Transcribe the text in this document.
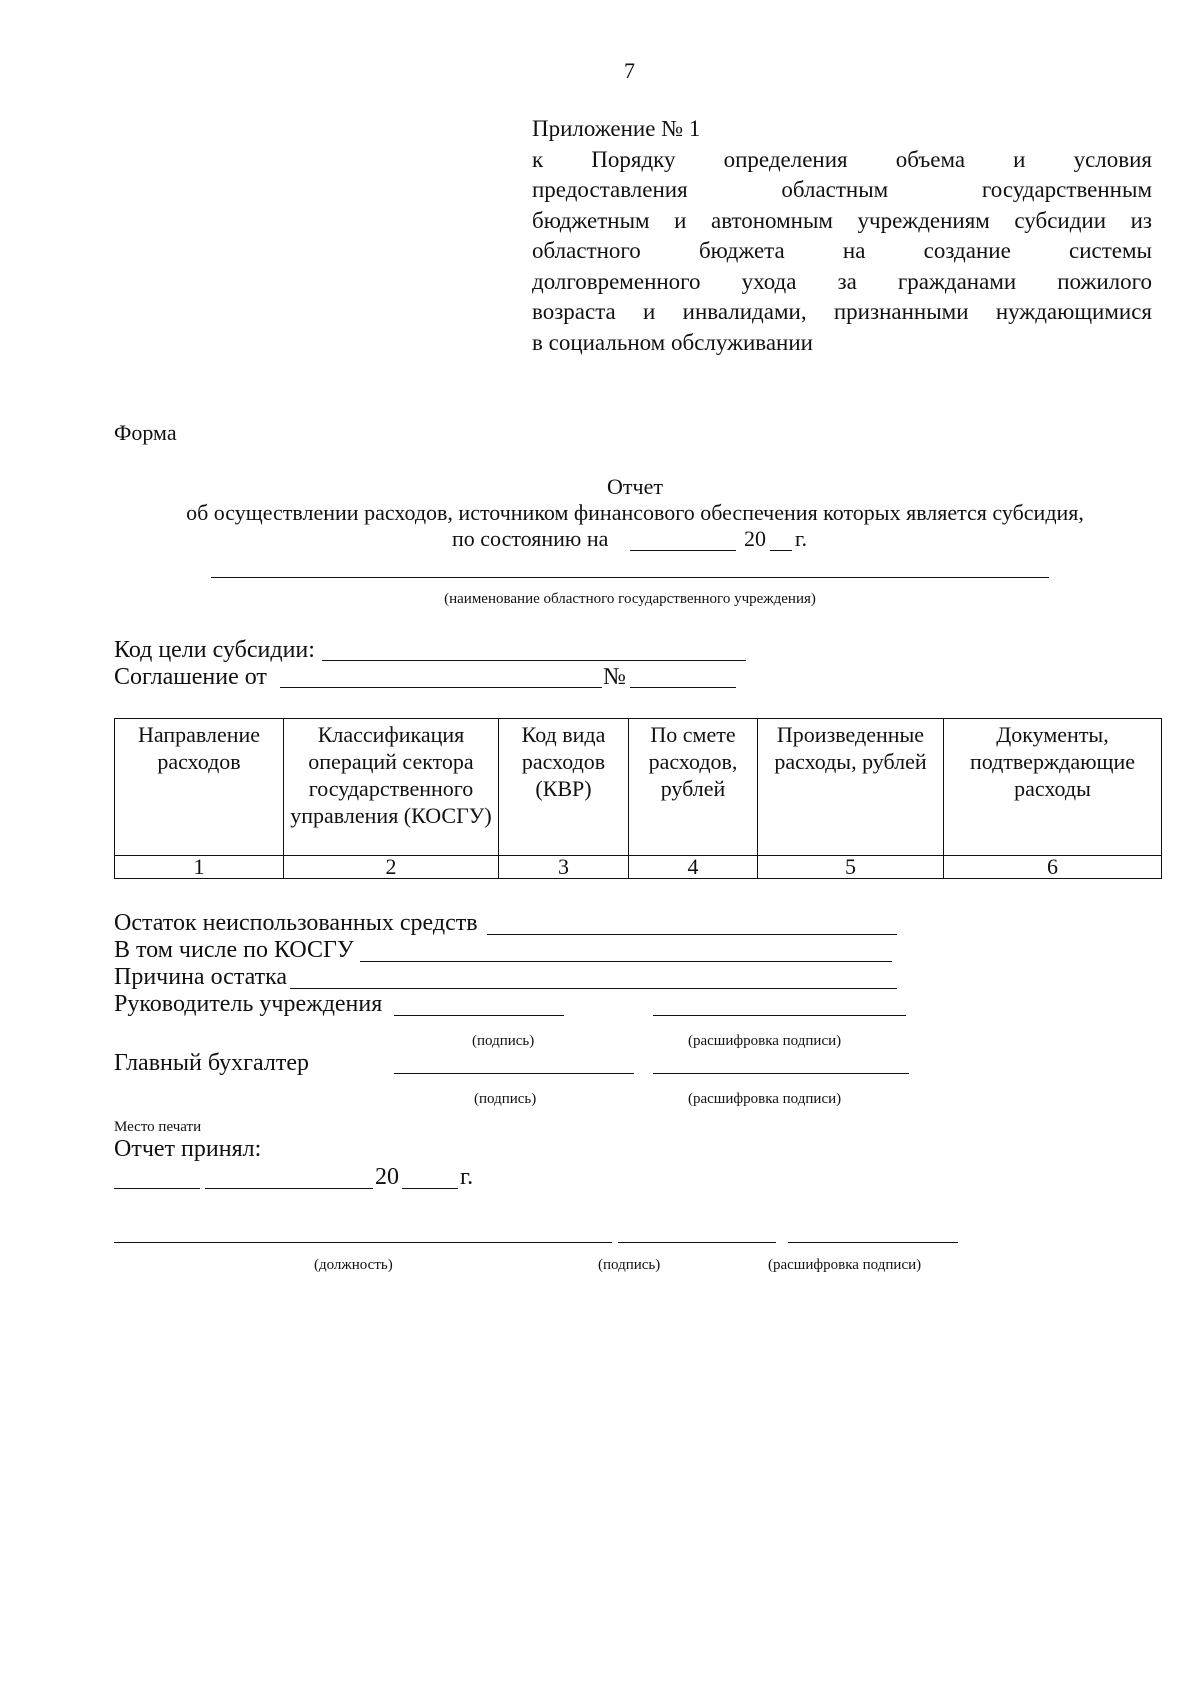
7
Приложение № 1
к Порядку определения объема и условия
предоставления областным государственным
бюджетным и автономным учреждениям субсидии из
областного бюджета на создание системы
долговременного ухода за гражданами пожилого
возраста и инвалидами, признанными нуждающимися
в социальном обслуживании
Форма
Отчет
об осуществлении расходов, источником финансового обеспечения которых является субсидия,
по состоянию на	20 г.
(наименование областного государственного учреждения)
Код цели субсидии:
Соглашение от	№
Направление расходов	Классификация операций сектора государственного управления (КОСГУ)	Код вида расходов (КВР)	По смете расходов, рублей	Произведенные расходы, рублей	Документы, подтверждающие расходы
1	2	3	4	5	6
Остаток неиспользованных средств
В том числе по КОСГУ
Причина остатка
Руководитель учреждения
(подпись)	(расшифровка подписи)
Главный бухгалтер
(подпись)	(расшифровка подписи)
Место печати
Отчет принял:
20	г.
(должность)	(подпись)	(расшифровка подписи)
